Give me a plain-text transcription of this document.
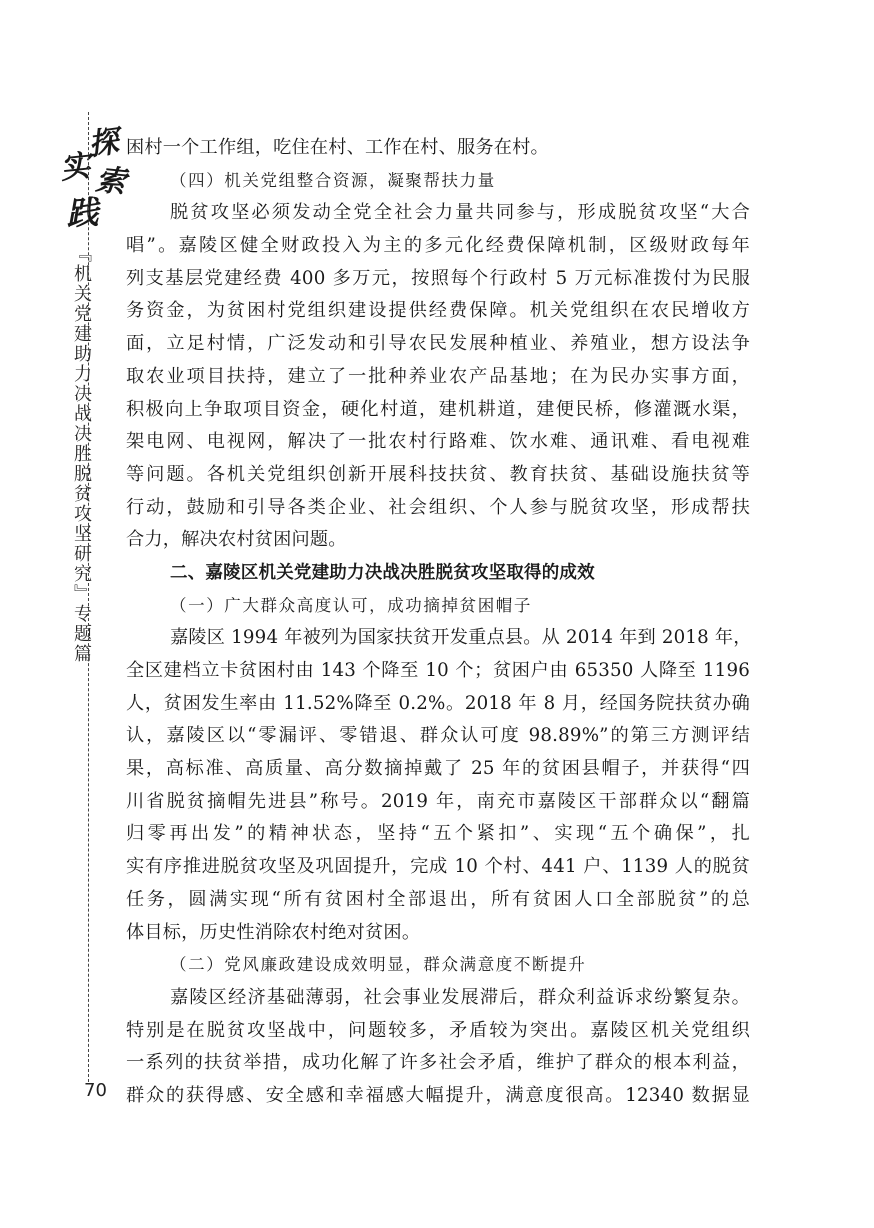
探
实 索
践
『机关党建助力决战决胜脱贫攻坚研究』专题篇
70
困村一个工作组，吃住在村、工作在村、服务在村。
（四）机关党组整合资源，凝聚帮扶力量
脱贫攻坚必须发动全党全社会力量共同参与，形成脱贫攻坚“大合
唱”。嘉陵区健全财政投入为主的多元化经费保障机制，区级财政每年
列支基层党建经费 400 多万元，按照每个行政村 5 万元标准拨付为民服
务资金，为贫困村党组织建设提供经费保障。机关党组织在农民增收方
面，立足村情，广泛发动和引导农民发展种植业、养殖业，想方设法争
取农业项目扶持，建立了一批种养业农产品基地；在为民办实事方面，
积极向上争取项目资金，硬化村道，建机耕道，建便民桥，修灌溉水渠，
架电网、电视网，解决了一批农村行路难、饮水难、通讯难、看电视难
等问题。各机关党组织创新开展科技扶贫、教育扶贫、基础设施扶贫等
行动，鼓励和引导各类企业、社会组织、个人参与脱贫攻坚，形成帮扶
合力，解决农村贫困问题。
二、嘉陵区机关党建助力决战决胜脱贫攻坚取得的成效
（一）广大群众高度认可，成功摘掉贫困帽子
嘉陵区 1994 年被列为国家扶贫开发重点县。从 2014 年到 2018 年，
全区建档立卡贫困村由 143 个降至 10 个；贫困户由 65350 人降至 1196
人，贫困发生率由 11.52%降至 0.2%。2018 年 8 月，经国务院扶贫办确
认，嘉陵区以“零漏评、零错退、群众认可度 98.89%”的第三方测评结
果，高标准、高质量、高分数摘掉戴了 25 年的贫困县帽子，并获得“四
川省脱贫摘帽先进县”称号。2019 年，南充市嘉陵区干部群众以“翻篇
归零再出发”的精神状态，坚持“五个紧扣”、实现“五个确保”，扎
实有序推进脱贫攻坚及巩固提升，完成 10 个村、441 户、1139 人的脱贫
任务，圆满实现“所有贫困村全部退出，所有贫困人口全部脱贫”的总
体目标，历史性消除农村绝对贫困。
（二）党风廉政建设成效明显，群众满意度不断提升
嘉陵区经济基础薄弱，社会事业发展滞后，群众利益诉求纷繁复杂。
特别是在脱贫攻坚战中，问题较多，矛盾较为突出。嘉陵区机关党组织
一系列的扶贫举措，成功化解了许多社会矛盾，维护了群众的根本利益，
群众的获得感、安全感和幸福感大幅提升，满意度很高。12340 数据显
